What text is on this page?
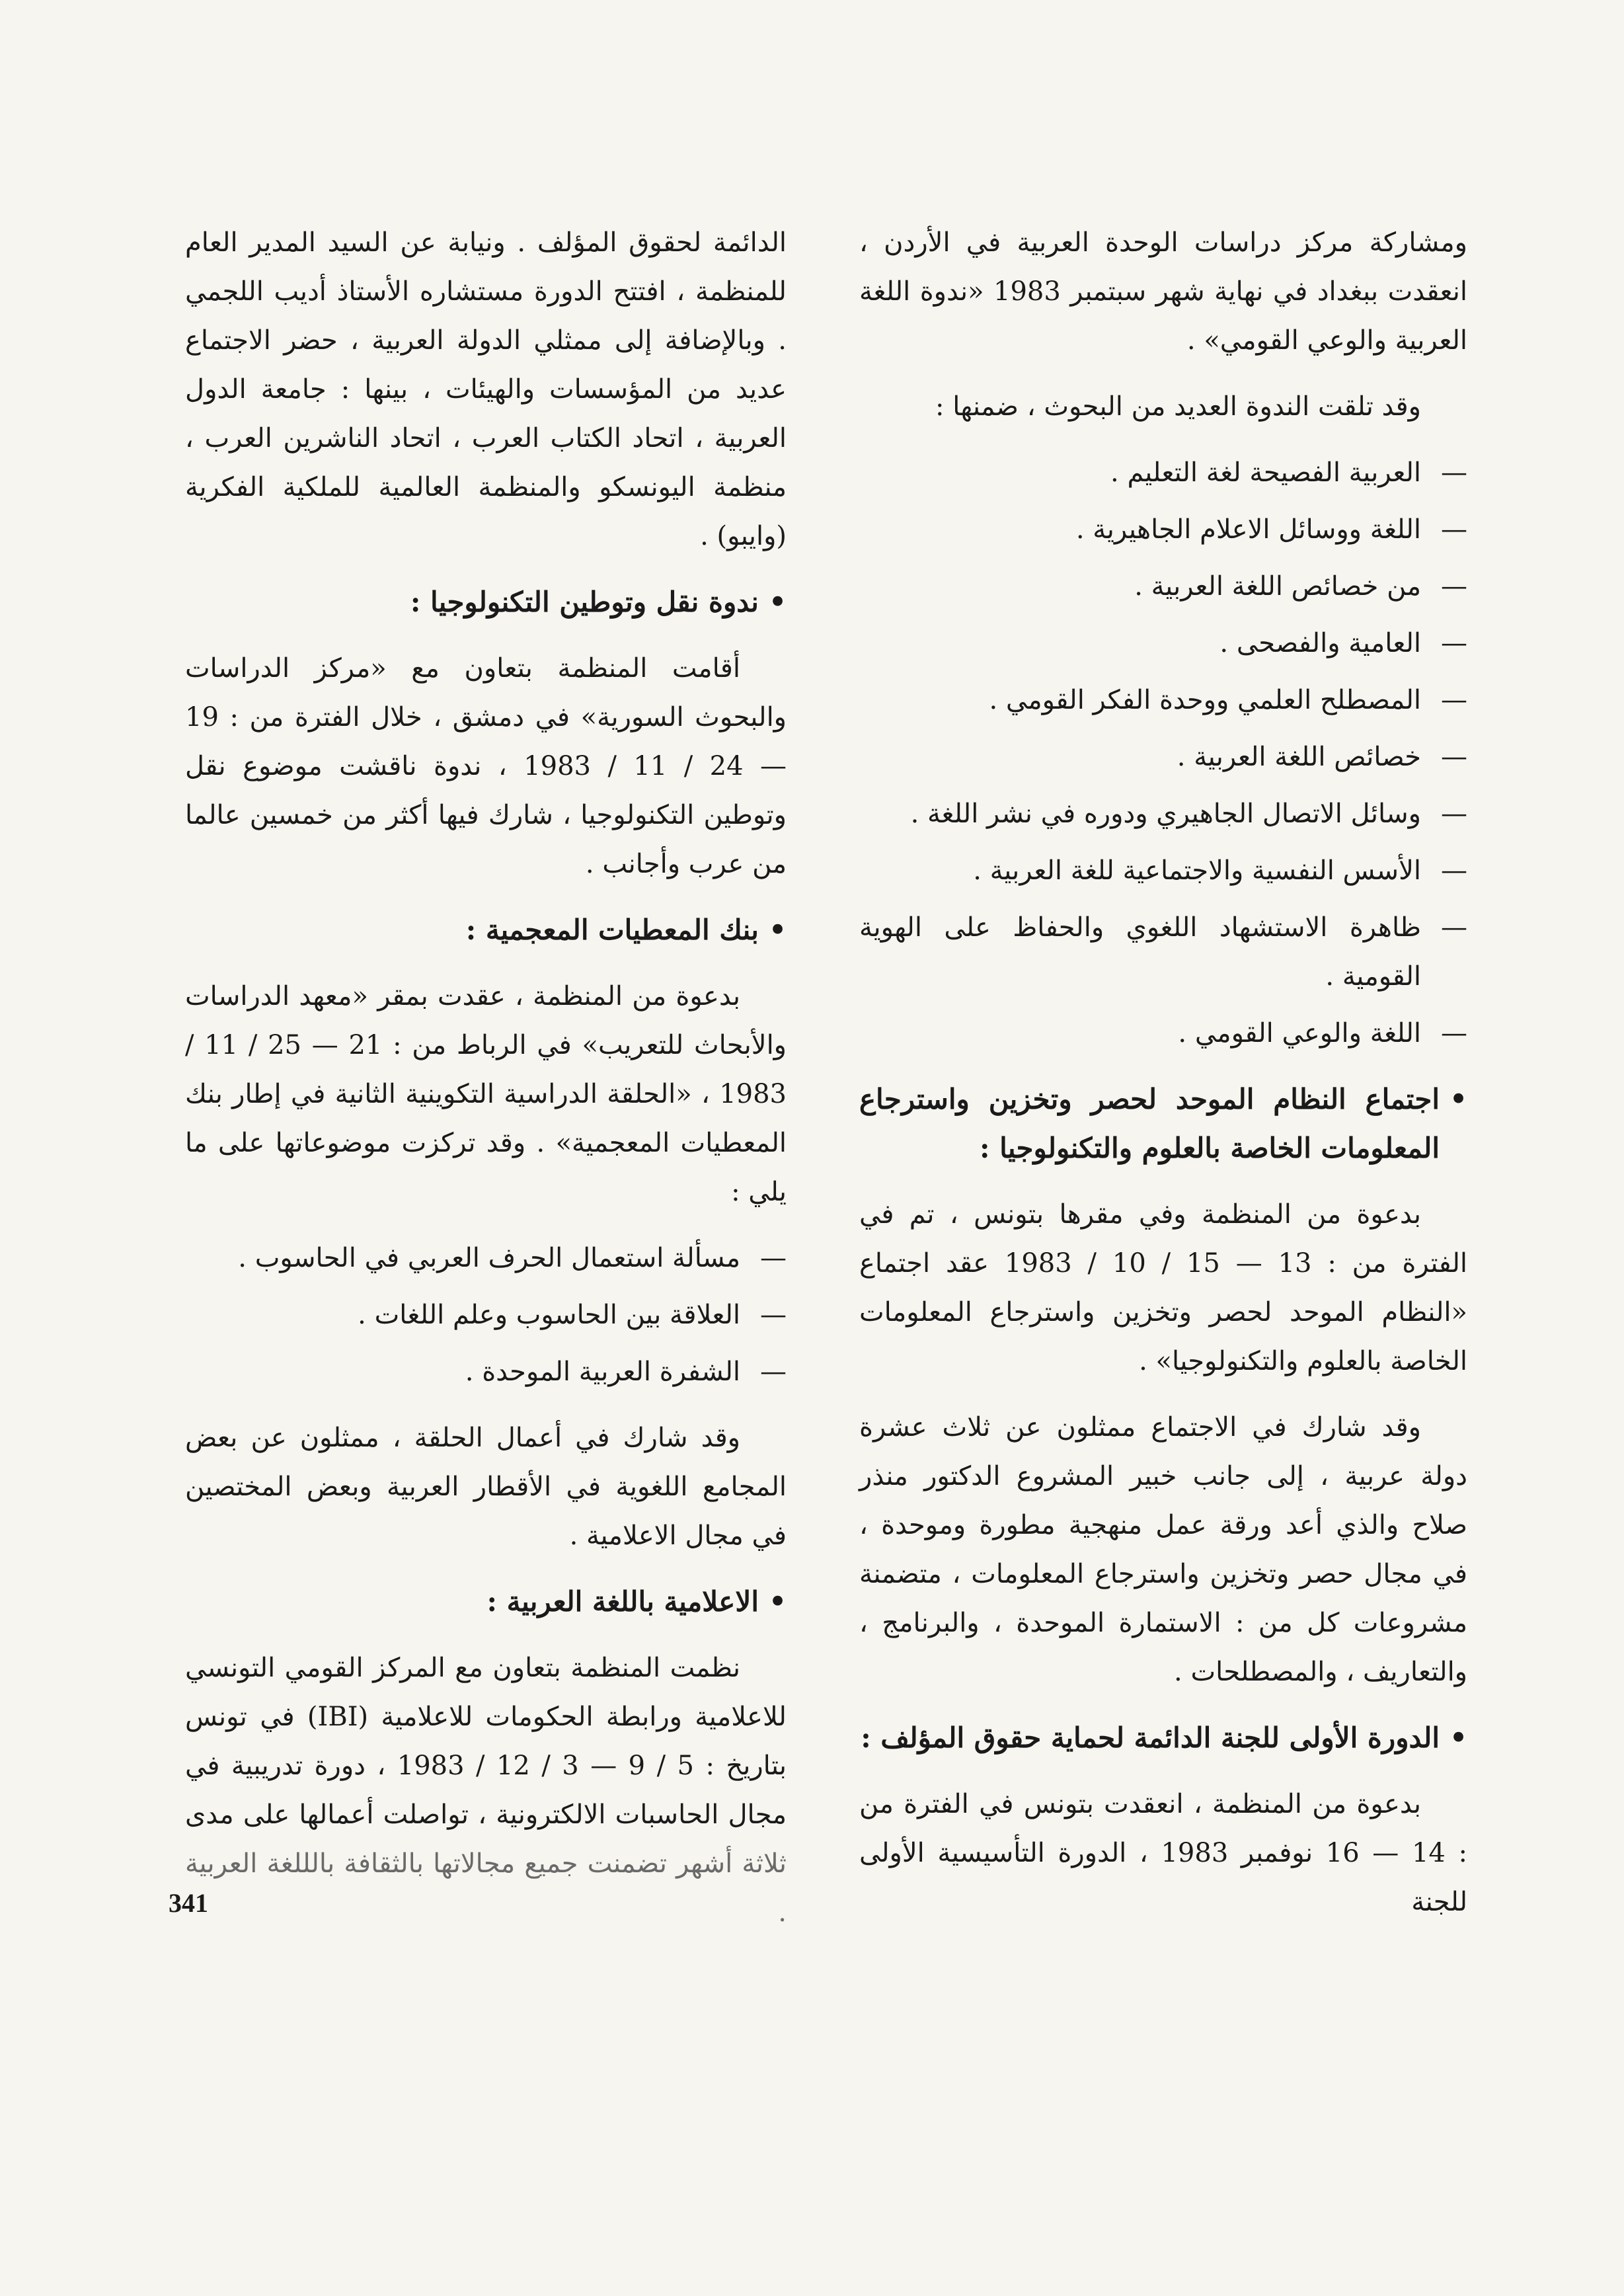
ومشاركة مركز دراسات الوحدة العربية في الأردن ، انعقدت ببغداد في نهاية شهر سبتمبر 1983 «ندوة اللغة العربية والوعي القومي» .

وقد تلقت الندوة العديد من البحوث ، ضمنها :

—
العربية الفصيحة لغة التعليم .
—
اللغة ووسائل الاعلام الجاهيرية .
—
من خصائص اللغة العربية .
—
العامية والفصحى .
—
المصطلح العلمي ووحدة الفكر القومي .
—
خصائص اللغة العربية .
—
وسائل الاتصال الجاهيري ودوره في نشر اللغة .
—
الأسس النفسية والاجتماعية للغة العربية .
—
ظاهرة الاستشهاد اللغوي والحفاظ على الهوية القومية .
—
اللغة والوعي القومي .
•
اجتماع النظام الموحد لحصر وتخزين واسترجاع المعلومات الخاصة بالعلوم والتكنولوجيا :

بدعوة من المنظمة وفي مقرها بتونس ، تم في الفترة من : 13 — 15 / 10 / 1983 عقد اجتماع «النظام الموحد لحصر وتخزين واسترجاع المعلومات الخاصة بالعلوم والتكنولوجيا» .

وقد شارك في الاجتماع ممثلون عن ثلاث عشرة دولة عربية ، إلى جانب خبير المشروع الدكتور منذر صلاح والذي أعد ورقة عمل منهجية مطورة وموحدة ، في مجال حصر وتخزين واسترجاع المعلومات ، متضمنة مشروعات كل من : الاستمارة الموحدة ، والبرنامج ، والتعاريف ، والمصطلحات .

•
الدورة الأولى للجنة الدائمة لحماية حقوق المؤلف :

بدعوة من المنظمة ، انعقدت بتونس في الفترة من : 14 — 16 نوفمبر 1983 ، الدورة التأسيسية الأولى للجنة

الدائمة لحقوق المؤلف . ونيابة عن السيد المدير العام للمنظمة ، افتتح الدورة مستشاره الأستاذ أديب اللجمي . وبالإضافة إلى ممثلي الدولة العربية ، حضر الاجتماع عديد من المؤسسات والهيئات ، بينها : جامعة الدول العربية ، اتحاد الكتاب العرب ، اتحاد الناشرين العرب ، منظمة اليونسكو والمنظمة العالمية للملكية الفكرية (وايبو) .

•
ندوة نقل وتوطين التكنولوجيا :

أقامت المنظمة بتعاون مع «مركز الدراسات والبحوث السورية» في دمشق ، خلال الفترة من : 19 — 24 / 11 / 1983 ، ندوة ناقشت موضوع نقل وتوطين التكنولوجيا ، شارك فيها أكثر من خمسين عالما من عرب وأجانب .

•
بنك المعطيات المعجمية :

بدعوة من المنظمة ، عقدت بمقر «معهد الدراسات والأبحاث للتعريب» في الرباط من : 21 — 25 / 11 / 1983 ، «الحلقة الدراسية التكوينية الثانية في إطار بنك المعطيات المعجمية» . وقد تركزت موضوعاتها على ما يلي :

—
مسألة استعمال الحرف العربي في الحاسوب .
—
العلاقة بين الحاسوب وعلم اللغات .
—
الشفرة العربية الموحدة .

وقد شارك في أعمال الحلقة ، ممثلون عن بعض المجامع اللغوية في الأقطار العربية وبعض المختصين في مجال الاعلامية .

•
الاعلامية باللغة العربية :

نظمت المنظمة بتعاون مع المركز القومي التونسي للاعلامية ورابطة الحكومات للاعلامية (IBI) في تونس بتاريخ : 5 / 9 — 3 / 12 / 1983 ، دورة تدريبية في مجال الحاسبات الالكترونية ، تواصلت أعمالها على مدى ثلاثة أشهر تضمنت جميع مجالاتها بالثقافة بالللغة العربية .

341
